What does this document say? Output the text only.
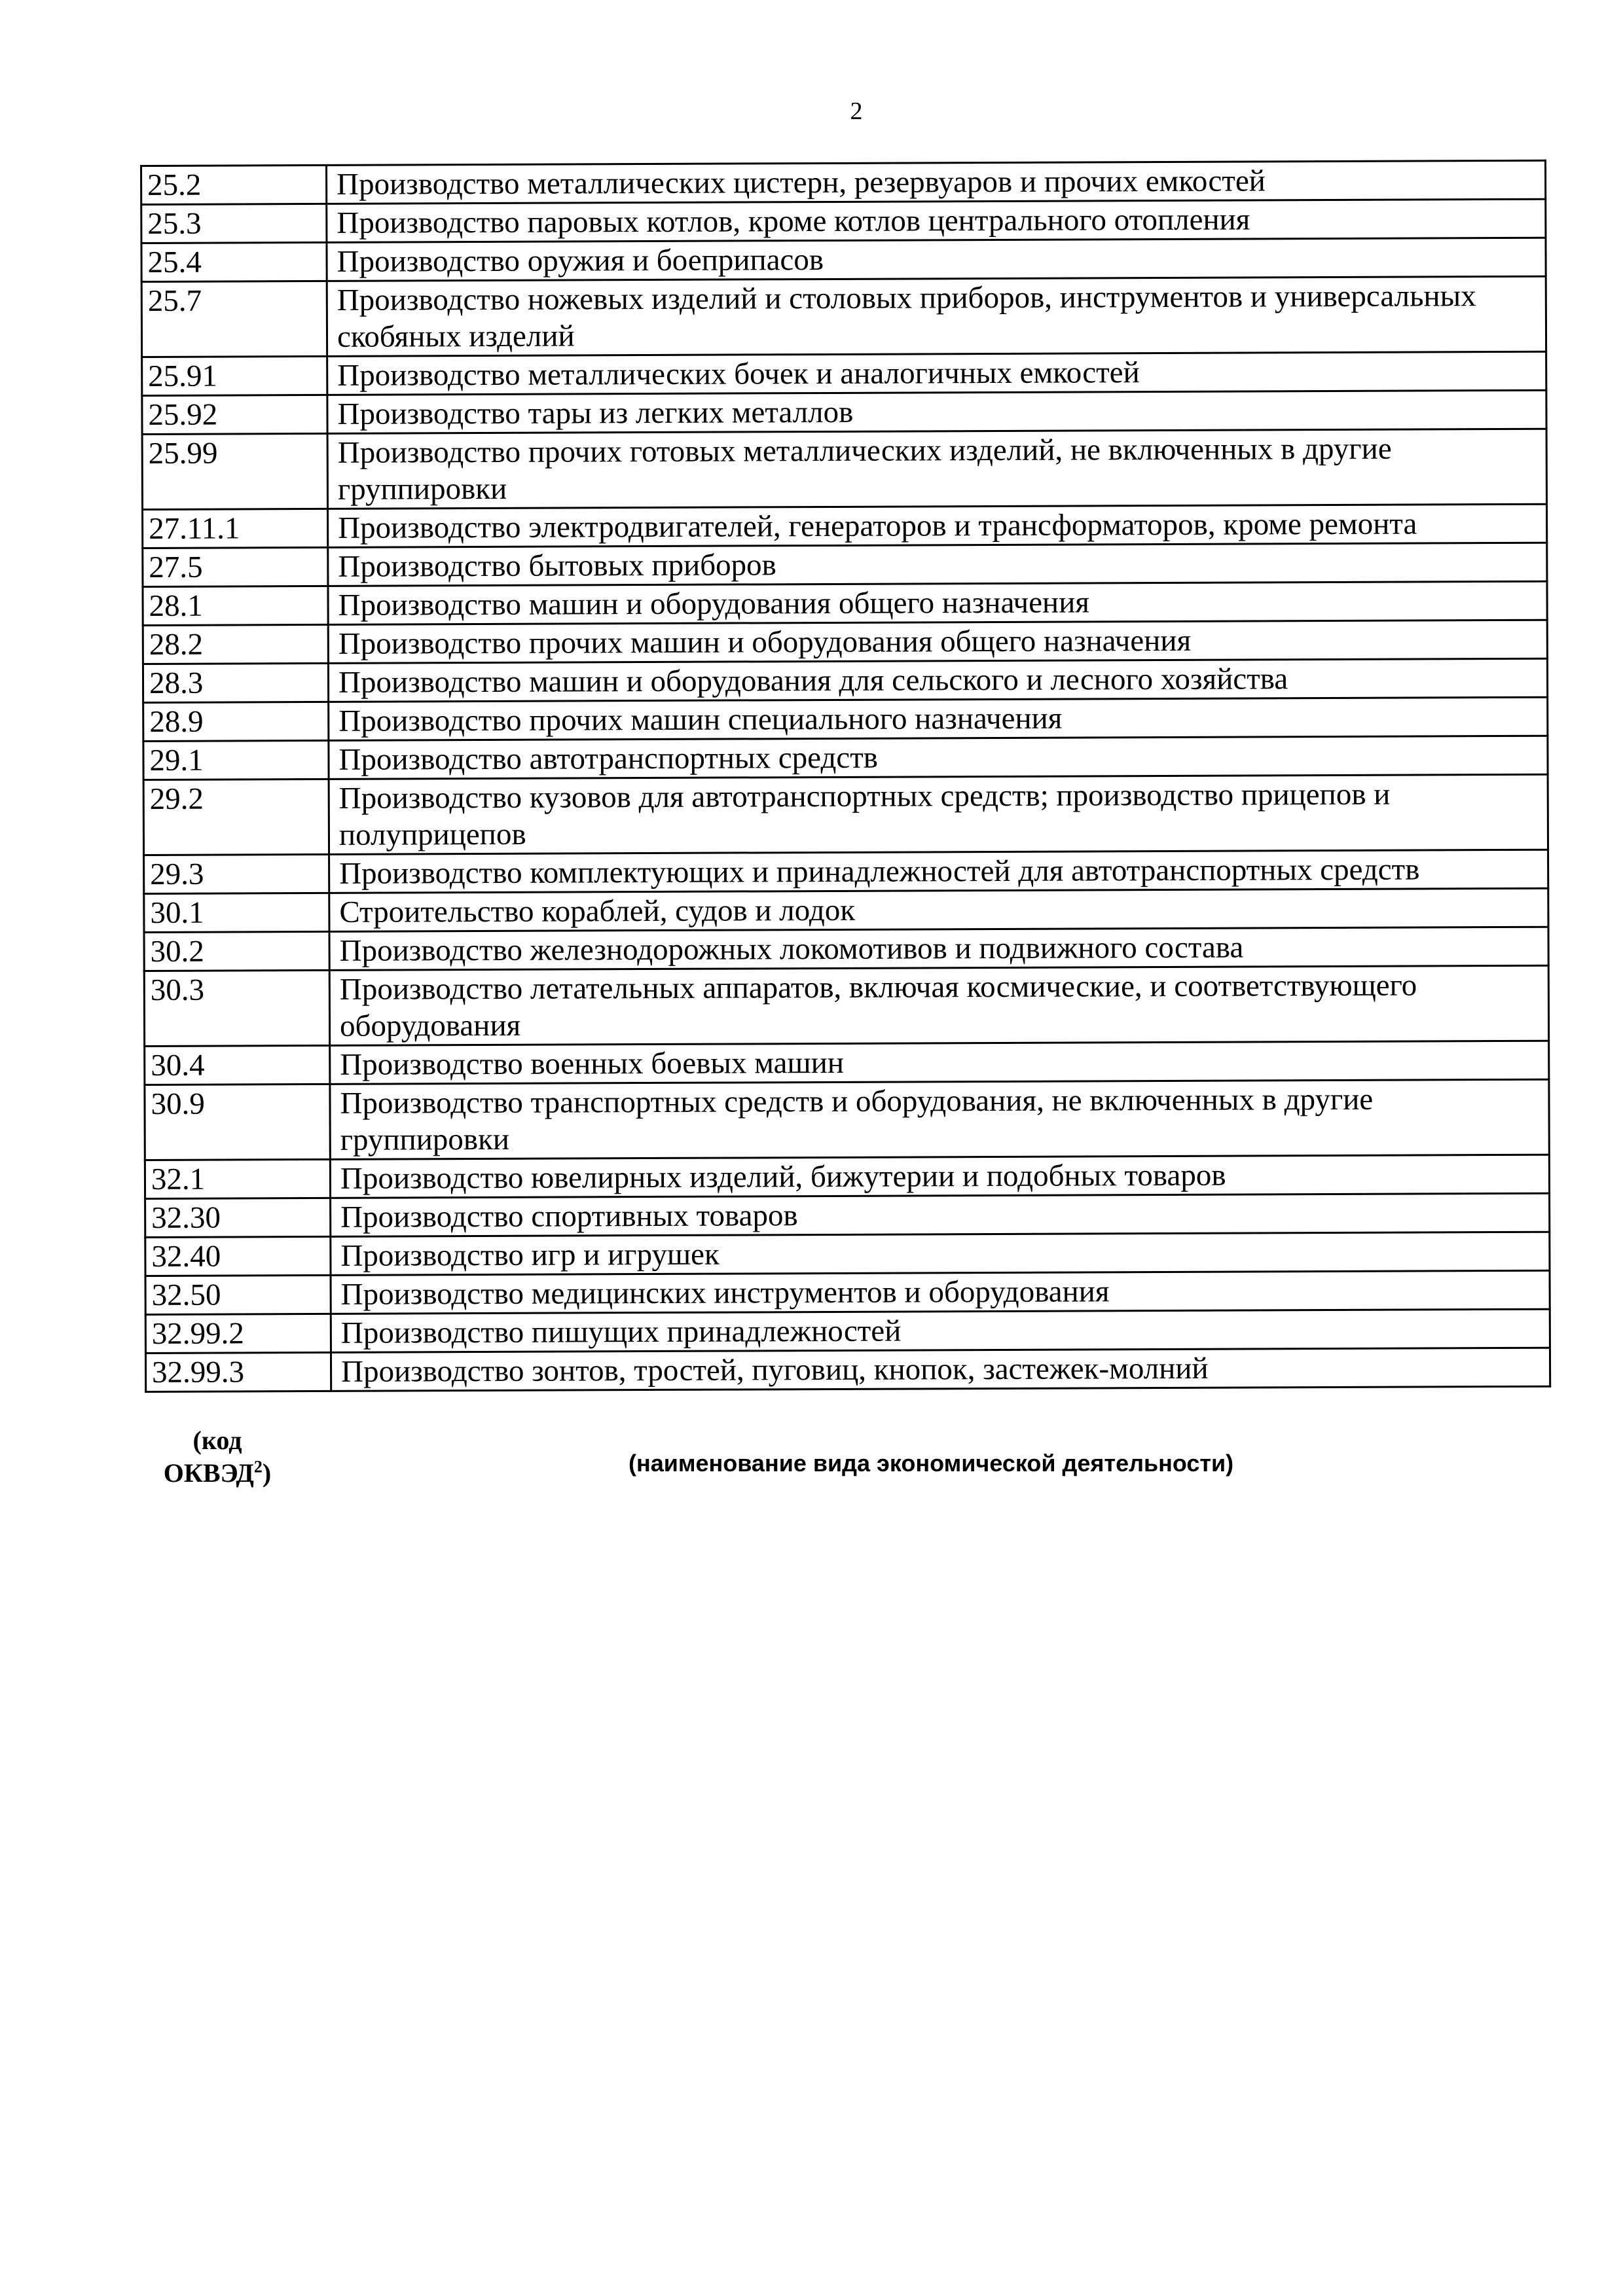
2
25.2	Производство металлических цистерн, резервуаров и прочих емкостей
25.3	Производство паровых котлов, кроме котлов центрального отопления
25.4	Производство оружия и боеприпасов
25.7	Производство ножевых изделий и столовых приборов, инструментов и универсальных скобяных изделий
25.91	Производство металлических бочек и аналогичных емкостей
25.92	Производство тары из легких металлов
25.99	Производство прочих готовых металлических изделий, не включенных в другие группировки
27.11.1	Производство электродвигателей, генераторов и трансформаторов, кроме ремонта
27.5	Производство бытовых приборов
28.1	Производство машин и оборудования общего назначения
28.2	Производство прочих машин и оборудования общего назначения
28.3	Производство машин и оборудования для сельского и лесного хозяйства
28.9	Производство прочих машин специального назначения
29.1	Производство автотранспортных средств
29.2	Производство кузовов для автотранспортных средств; производство прицепов и полуприцепов
29.3	Производство комплектующих и принадлежностей для автотранспортных средств
30.1	Строительство кораблей, судов и лодок
30.2	Производство железнодорожных локомотивов и подвижного состава
30.3	Производство летательных аппаратов, включая космические, и соответствующего оборудования
30.4	Производство военных боевых машин
30.9	Производство транспортных средств и оборудования, не включенных в другие группировки
32.1	Производство ювелирных изделий, бижутерии и подобных товаров
32.30	Производство спортивных товаров
32.40	Производство игр и игрушек
32.50	Производство медицинских инструментов и оборудования
32.99.2	Производство пишущих принадлежностей
32.99.3	Производство зонтов, тростей, пуговиц, кнопок, застежек-молний
(код
ОКВЭД$^2$)	(наименование вида экономической деятельности)
